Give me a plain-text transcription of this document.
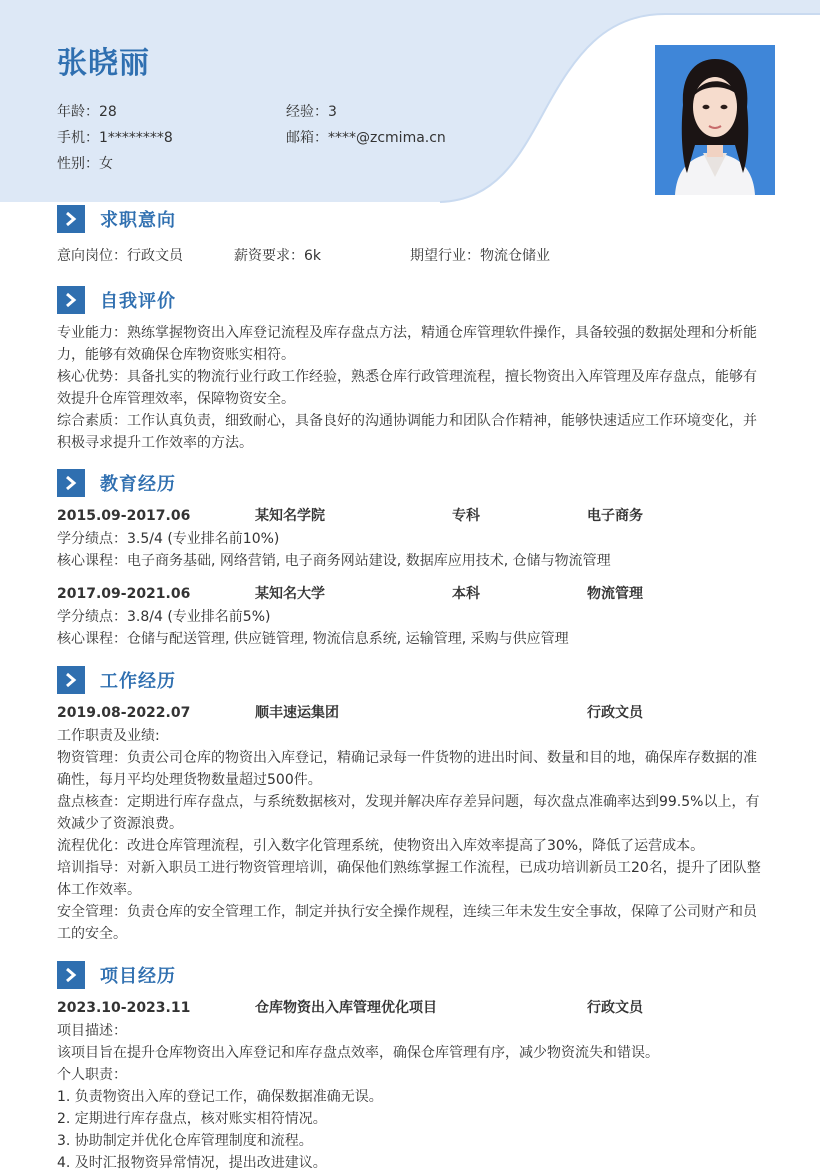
张晓丽
年龄：28	经验：3
手机：1********8	邮箱：****@zcmima.cn
性别：女
求职意向
意向岗位：行政文员	薪资要求：6k	期望行业：物流仓储业
自我评价

专业能力：熟练掌握物资出入库登记流程及库存盘点方法，精通仓库管理软件操作，具备较强的数据处理和分析能力，能够有效确保仓库物资账实相符。

核心优势：具备扎实的物流行业行政工作经验，熟悉仓库行政管理流程，擅长物资出入库管理及库存盘点，能够有效提升仓库管理效率，保障物资安全。

综合素质：工作认真负责，细致耐心，具备良好的沟通协调能力和团队合作精神，能够快速适应工作环境变化，并积极寻求提升工作效率的方法。

教育经历
2015.09-2017.06	某知名学院	专科	电子商务

学分绩点：3.5/4 (专业排名前10%)

核心课程：电子商务基础, 网络营销, 电子商务网站建设, 数据库应用技术, 仓储与物流管理

2017.09-2021.06	某知名大学	本科	物流管理

学分绩点：3.8/4 (专业排名前5%)

核心课程：仓储与配送管理, 供应链管理, 物流信息系统, 运输管理, 采购与供应管理

工作经历
2019.08-2022.07	顺丰速运集团	行政文员

工作职责及业绩:

物资管理：负责公司仓库的物资出入库登记，精确记录每一件货物的进出时间、数量和目的地，确保库存数据的准确性，每月平均处理货物数量超过500件。

盘点核查：定期进行库存盘点，与系统数据核对，发现并解决库存差异问题，每次盘点准确率达到99.5%以上，有效减少了资源浪费。

流程优化：改进仓库管理流程，引入数字化管理系统，使物资出入库效率提高了30%，降低了运营成本。

培训指导：对新入职员工进行物资管理培训，确保他们熟练掌握工作流程，已成功培训新员工20名，提升了团队整体工作效率。

安全管理：负责仓库的安全管理工作，制定并执行安全操作规程，连续三年未发生安全事故，保障了公司财产和员工的安全。

项目经历
2023.10-2023.11	仓库物资出入库管理优化项目	行政文员

项目描述：

该项目旨在提升仓库物资出入库登记和库存盘点效率，确保仓库管理有序，减少物资流失和错误。

个人职责：

1. 负责物资出入库的登记工作，确保数据准确无误。

2. 定期进行库存盘点，核对账实相符情况。

3. 协助制定并优化仓库管理制度和流程。

4. 及时汇报物资异常情况，提出改进建议。
